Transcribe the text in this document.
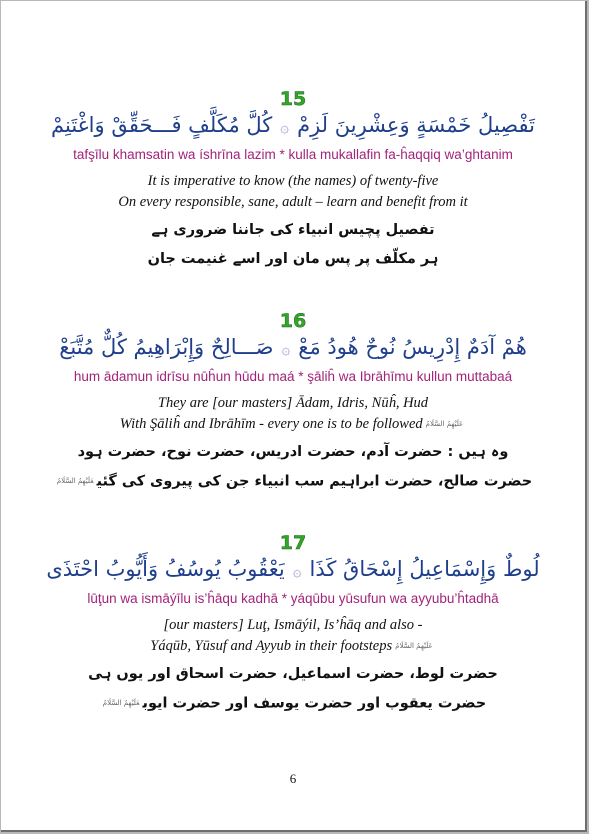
15
تَفْصِيلُ خَمْسَةٍ وَعِشْرِينَ لَزِمْ۞كُلَّ مُكَلَّفٍ فَـــحَقِّقْ وَاغْتَنِمْ
tafşīlu khamsatin wa íshrīna lazim * kulla mukallafin fa-ĥaqqiq wa’ghtanim
It is imperative to know (the names) of twenty-five
On every responsible, sane, adult – learn and benefit from it
تفصیل پچیس انبیاء کی جاننا ضروری ہے
ہر مکلّف پر پس مان اور اسے غنیمت جان
16
هُمْ آدَمٌ إِدْرِيسُ نُوحٌ هُودُ مَعْ۞صَـــالِحٌ وَإِبْرَاهِيمُ كُلٌّ مُتَّبَعْ
hum ādamun idrīsu nūĥun hūdu maá * şāliĥ wa Ibrāhīmu kullun muttabaá
They are [our masters] Ādam, Idris, Nūĥ, Hud
With Şāliĥ and Ibrāhīm - every one is to be followed عَلَيْهِمُ السَّلَامُ
وہ ہیں : حضرت آدم، حضرت ادریس، حضرت نوح، حضرت ہود
حضرت صالح، حضرت ابراہیم سب انبیاء جن کی پیروی کی گئیعَلَيْهِمُ السَّلَامُ
17
لُوطٌ وَإِسْمَاعِيلُ إِسْحَاقُ كَذَا۞يَعْقُوبُ يُوسُفُ وَأَيُّوبُ احْتَذَى
lūţun wa ismāýīlu is’ĥāqu kadhā * yáqūbu yūsufun wa ayyubu’ĥtadhā
[our masters] Luţ, Ismāýil, Is’ĥāq and also -
Yáqūb, Yūsuf and Ayyub in their footsteps عَلَيْهِمُ السَّلَامُ
حضرت لوط، حضرت اسماعیل، حضرت اسحاق اور یوں ہی
حضرت یعقوب اور حضرت یوسف اور حضرت ایوبعَلَيْهِمُ السَّلَامُ
6
